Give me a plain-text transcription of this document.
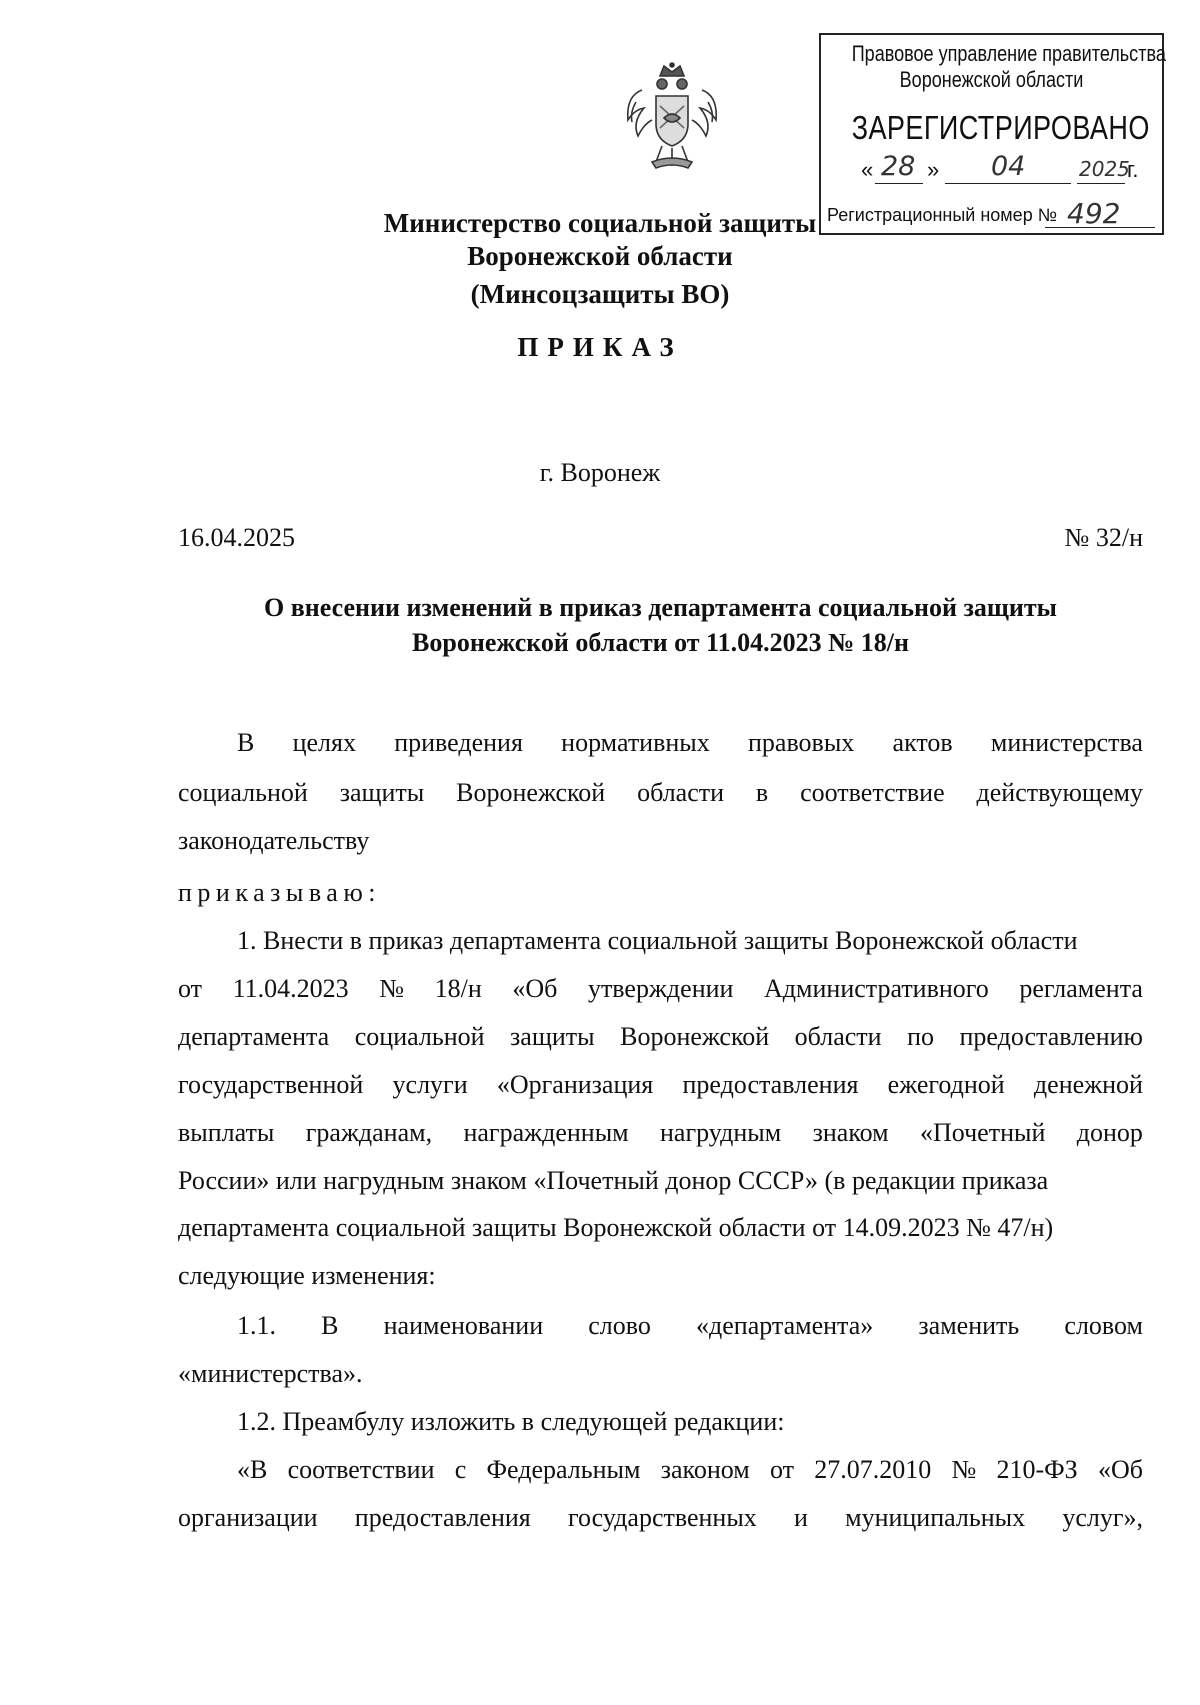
Правовое управление правительства
Воронежской области
ЗАРЕГИСТРИРОВАНО
« 28 » 04	2025
г.
Регистрационный номер № 492
Министерство социальной защиты
Воронежской области
(Минсоцзащиты ВО)
ПРИКАЗ
г. Воронеж
16.04.2025	№ 32/н
О внесении изменений в приказ департамента социальной защиты
Воронежской области от 11.04.2023 № 18/н
В целях приведения нормативных правовых актов министерства
социальной защиты Воронежской области в соответствие действующему
законодательству
приказываю:
1. Внести в приказ департамента социальной защиты Воронежской области
от 11.04.2023 № 18/н «Об утверждении Административного регламента
департамента социальной защиты Воронежской области по предоставлению
государственной услуги «Организация предоставления ежегодной денежной
выплаты гражданам, награжденным нагрудным знаком «Почетный донор
России» или нагрудным знаком «Почетный донор СССР» (в редакции приказа
департамента социальной защиты Воронежской области от 14.09.2023 № 47/н)
следующие изменения:
1.1. В наименовании слово «департамента» заменить словом
«министерства».
1.2. Преамбулу изложить в следующей редакции:
«В соответствии с Федеральным законом от 27.07.2010 № 210-ФЗ «Об
организации предоставления государственных и муниципальных услуг»,
